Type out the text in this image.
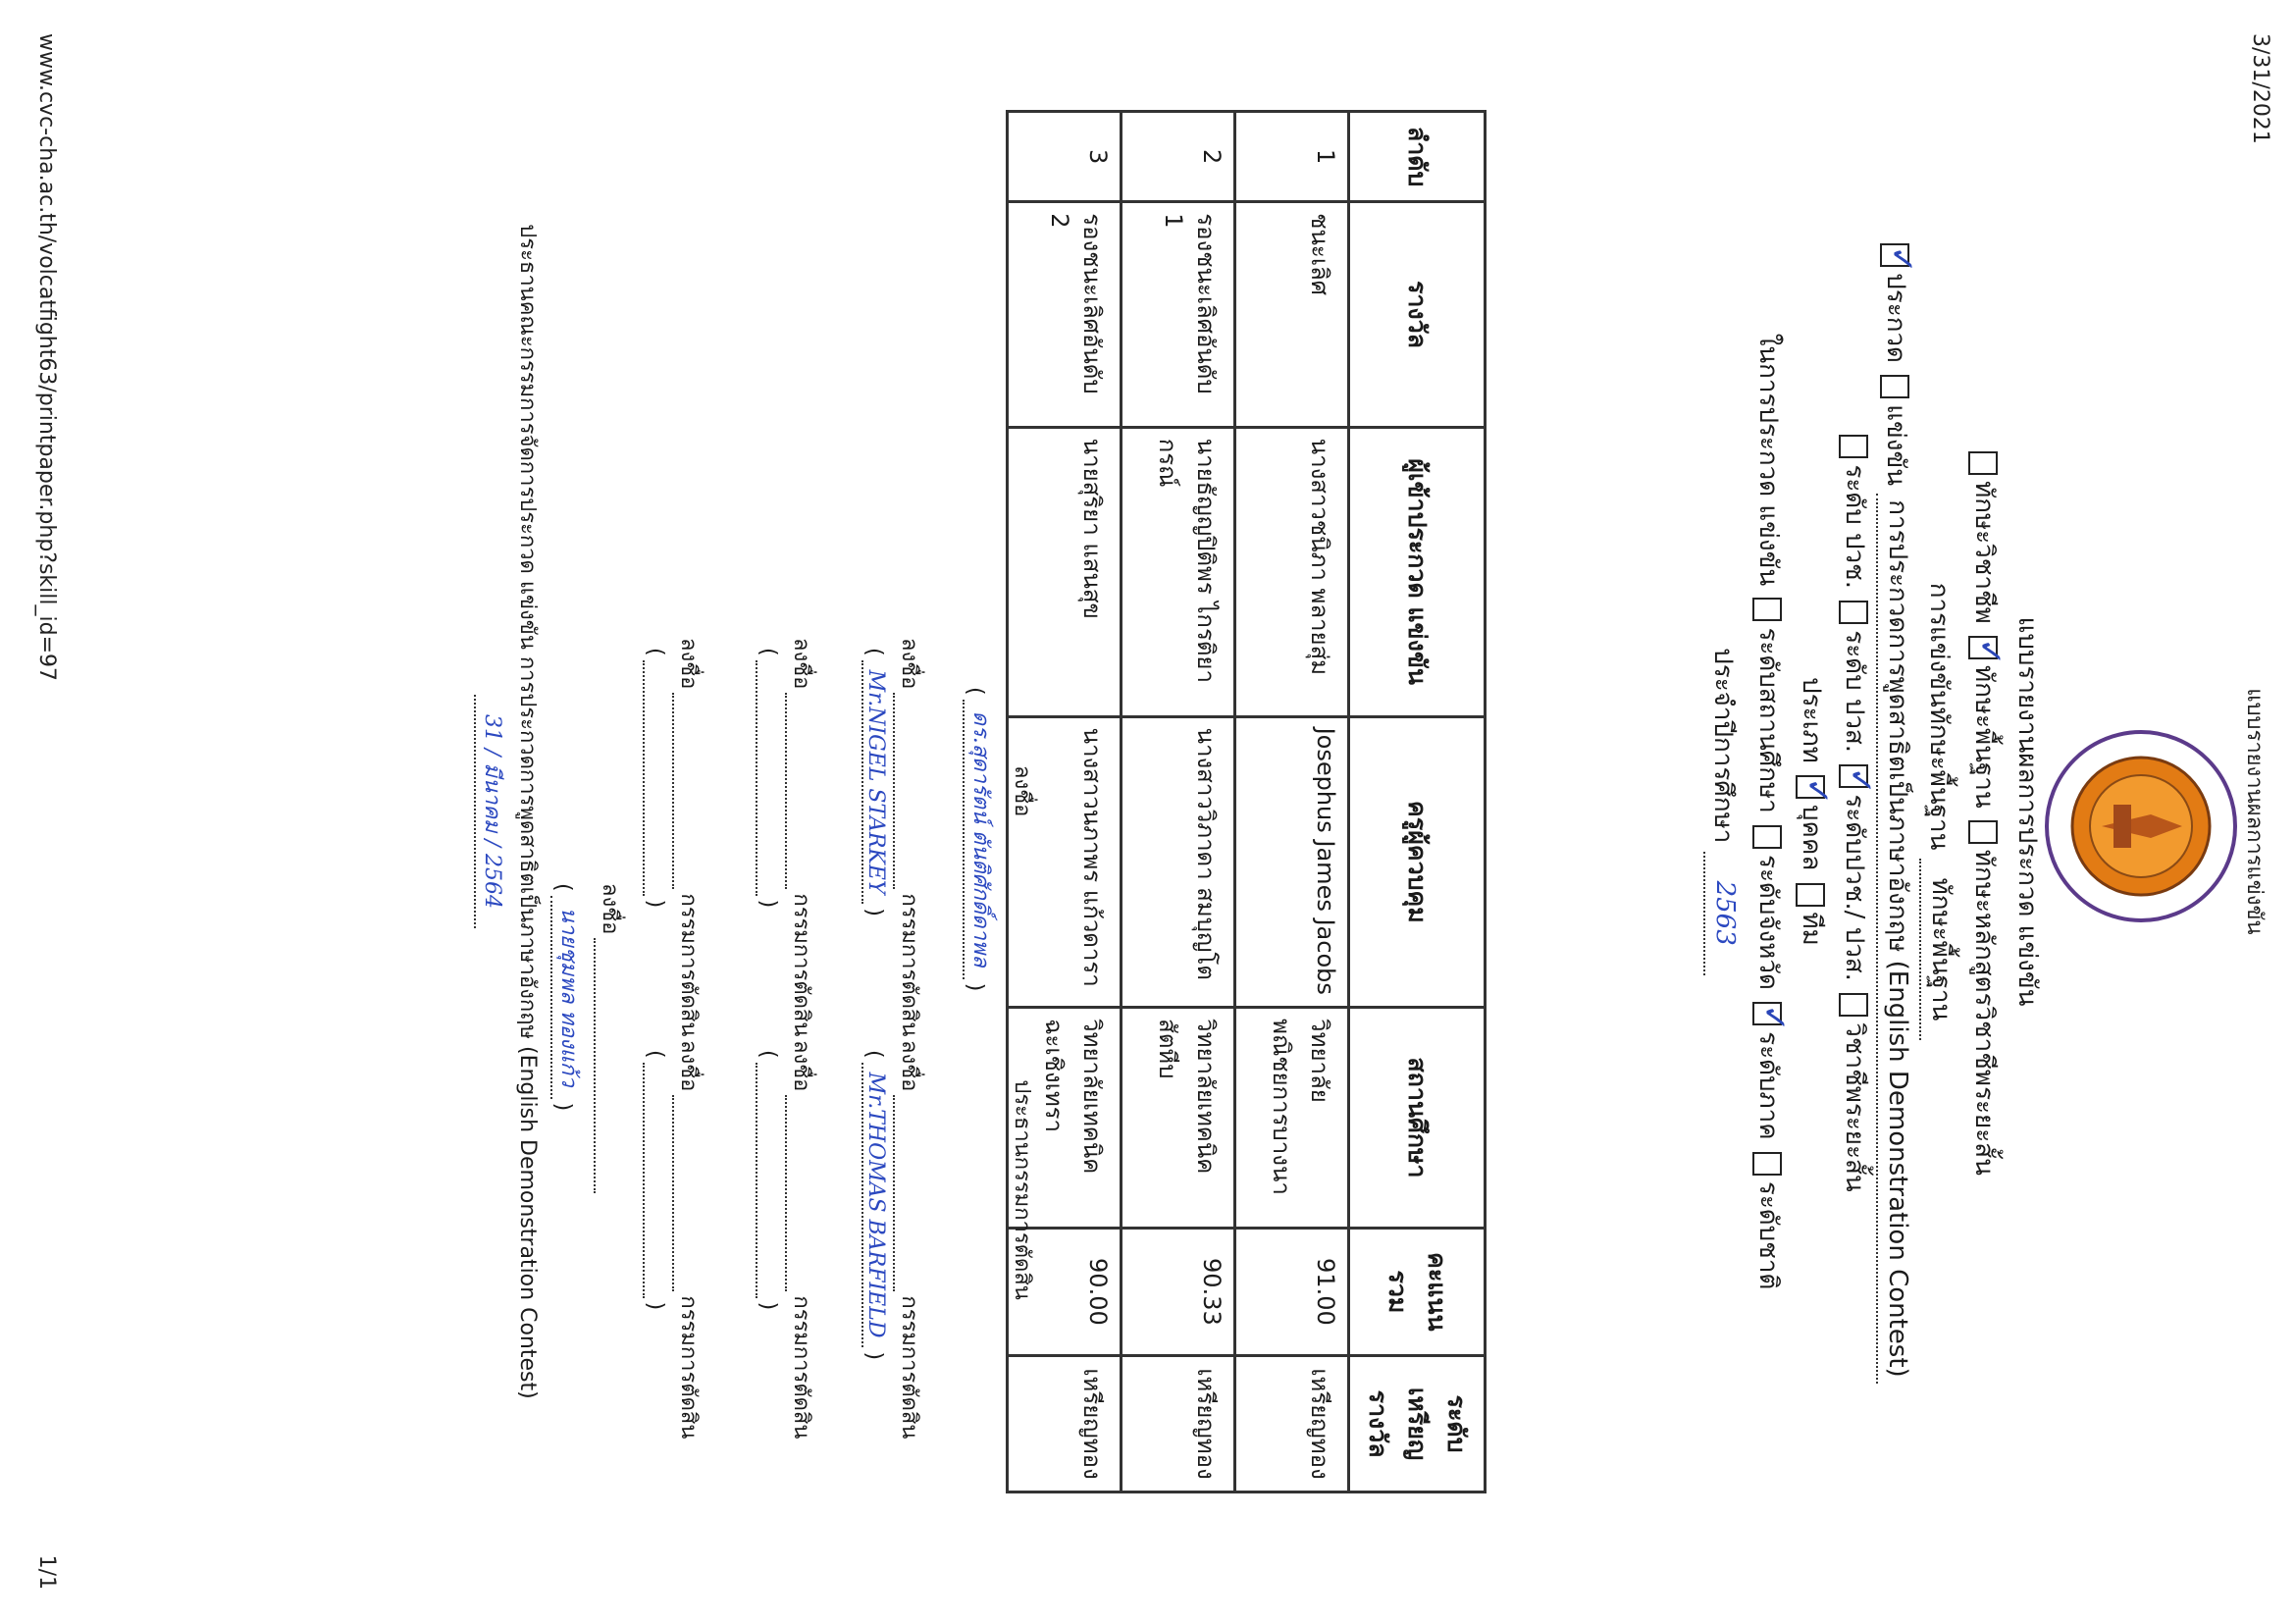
3/31/2021
แบบรายงานผลการแข่งขัน
สำนักงานคณะกรรมการการอาชีวศึกษา VOCATIONAL EDUCATION COMMISSION
แบบรายงานผลการประกวด แข่งขัน
ทักษะวิชาชีพ ✓ทักษะพื้นฐาน ทักษะหลักสูตรวิชาชีพระยะสั้น
การแข่งขันทักษะพื้นฐาน ทักษะพื้นฐาน
✓ประกวด แข่งขัน การประกวดการพูดสาธิตเป็นภาษาอังกฤษ (English Demonstration Contest)
ระดับ ปวช. ระดับ ปวส. ✓ระดับปวช./ ปวส. วิชาชีพระยะสั้น
ประเภท ✓บุคคล ทีม
ในการประกวด แข่งขัน ระดับสถานศึกษา ระดับจังหวัด ✓ระดับภาค ระดับชาติ
ประจำปีการศึกษา 2563
ลำดับ	รางวัล	ผู้เข้าประกวด แข่งขัน	ครูผู้ควบคุม	สถานศึกษา	คะแนน รวม	ระดับ เหรียญ รางวัล
1	ชนะเลิศ	นางสาวชนิภา พลายสุ่ม	Josephus James Jacobs	วิทยาลัย พณิชยการบางนา	91.00	เหรียญทอง
2	รองชนะเลิศอันดับ 1	นายธัญญปิติพร ไกรติยากรณ์	นางสาววิภาดา สมบุญโต	วิทยาลัยเทคนิค สัตหีบ	90.33	เหรียญทอง
3	รองชนะเลิศอันดับ 2	นายสุริยา แสนสุข	นางสาวนภาพร แก้วดารา	วิทยาลัยเทคนิค ฉะเชิงเทรา	90.00	เหรียญทอง
ลงชื่อประธานกรรมการตัดสิน
(ดร.สุดารัตน์ ตันติศักดิ์ดาพล)
ลงชื่อกรรมการตัดสิน
(Mr.NIGEL STARKEY)
ลงชื่อกรรมการตัดสิน
(Mr.THOMAS BARFIELD)
ลงชื่อกรรมการตัดสิน
()
ลงชื่อกรรมการตัดสิน
()
ลงชื่อกรรมการตัดสิน
()
ลงชื่อกรรมการตัดสิน
()
ลงชื่อ
(นายชุมพล ทองแก้ว)
ประธานคณะกรรมการจัดการประกวด แข่งขัน การประกวดการพูดสาธิตเป็นภาษาอังกฤษ (English Demonstration Contest)
31 / มีนาคม / 2564
www.cvc-cha.ac.th/volcatfight63/printpaper.php?skill_id=97
1/1
